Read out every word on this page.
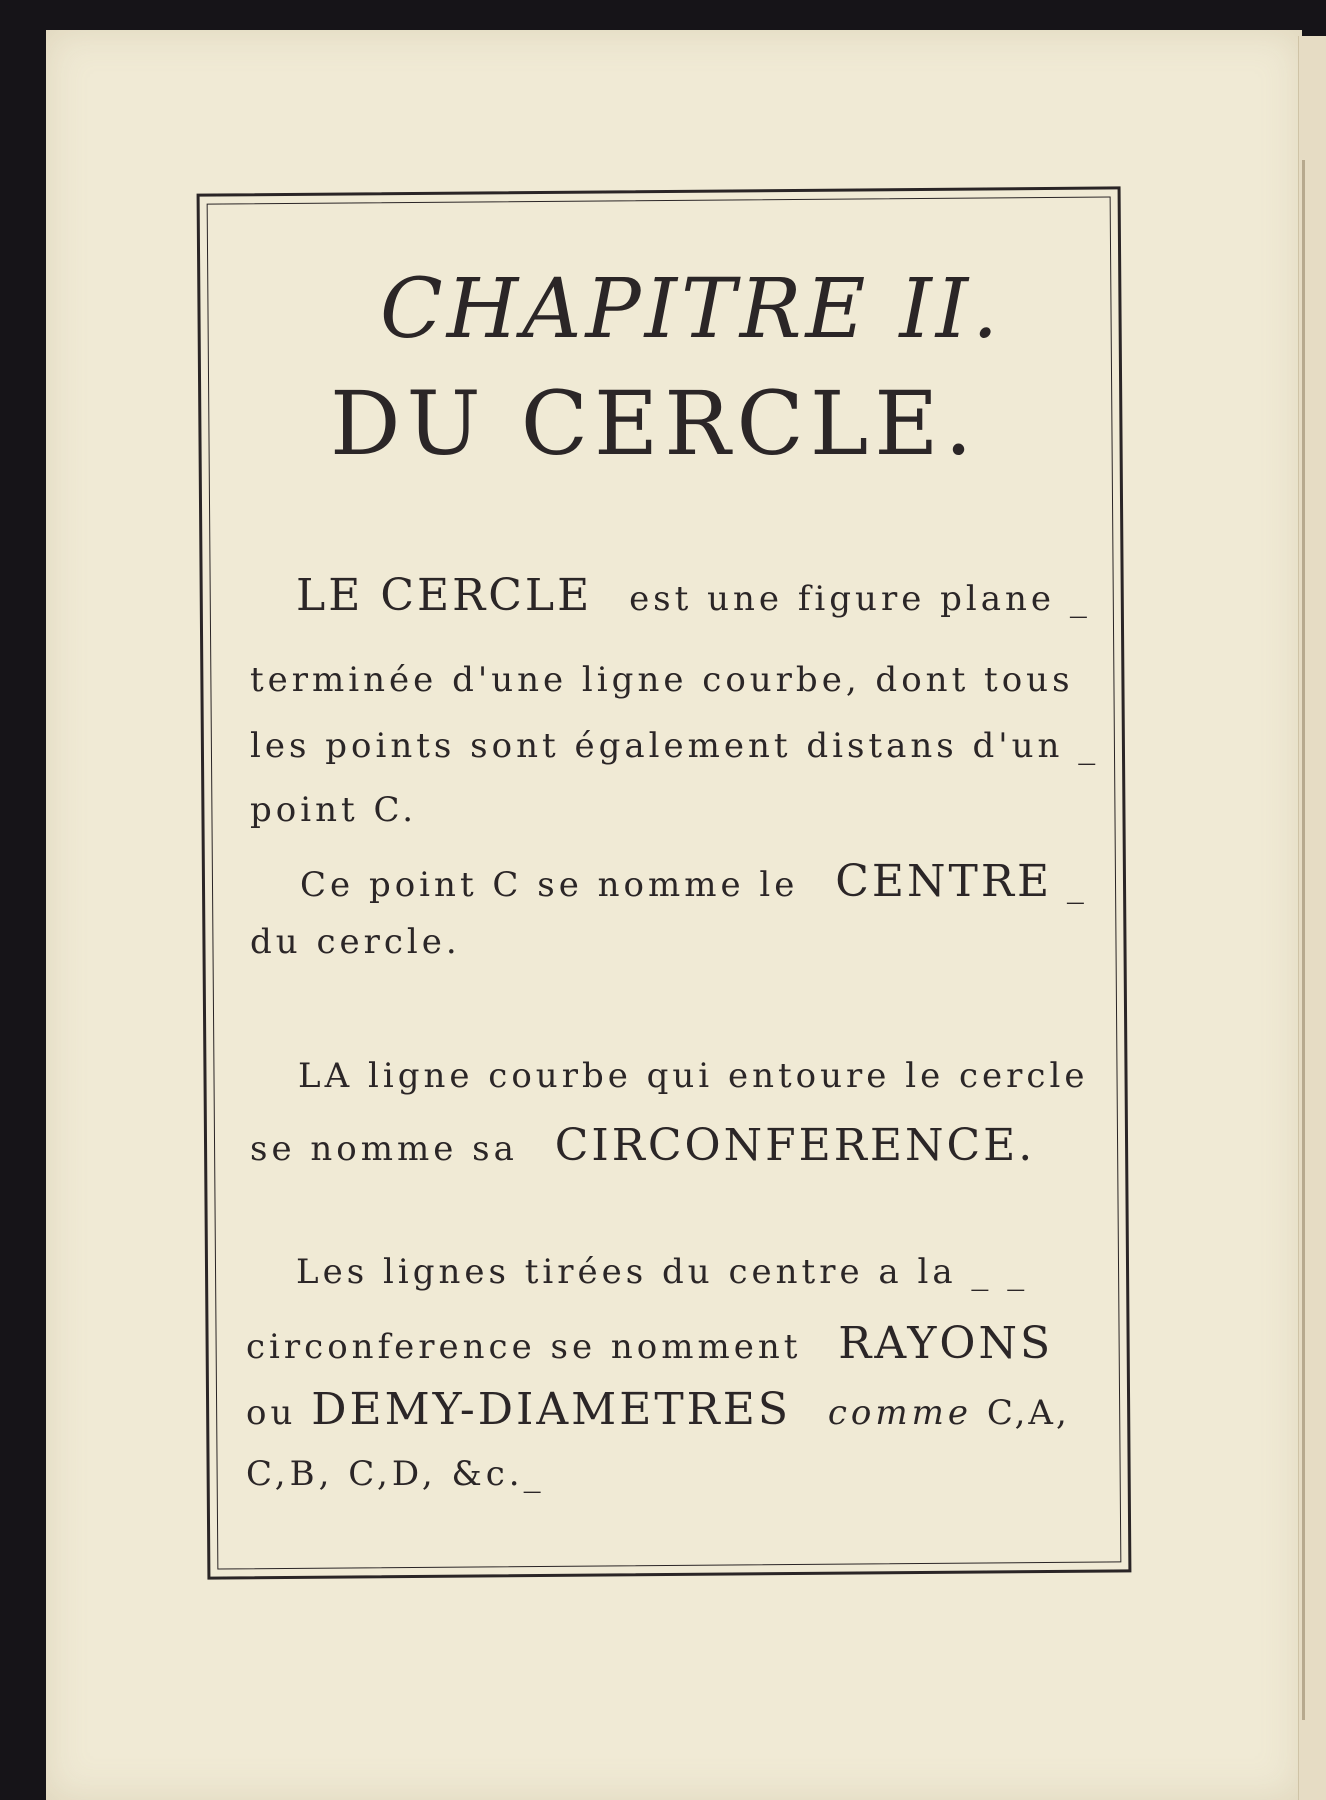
CHAPITRE II.
DU CERCLE.
LE CERCLE est une figure plane _
terminée d'une ligne courbe, dont tous
les points sont également distans d'un _
point C.
Ce point C se nomme le CENTRE _
du cercle.
LA ligne courbe qui entoure le cercle
se nomme sa CIRCONFERENCE.
Les lignes tirées du centre a la _ _
circonference se nomment RAYONS
ou DEMY-DIAMETRES comme C,A,
C,B, C,D, &c._
